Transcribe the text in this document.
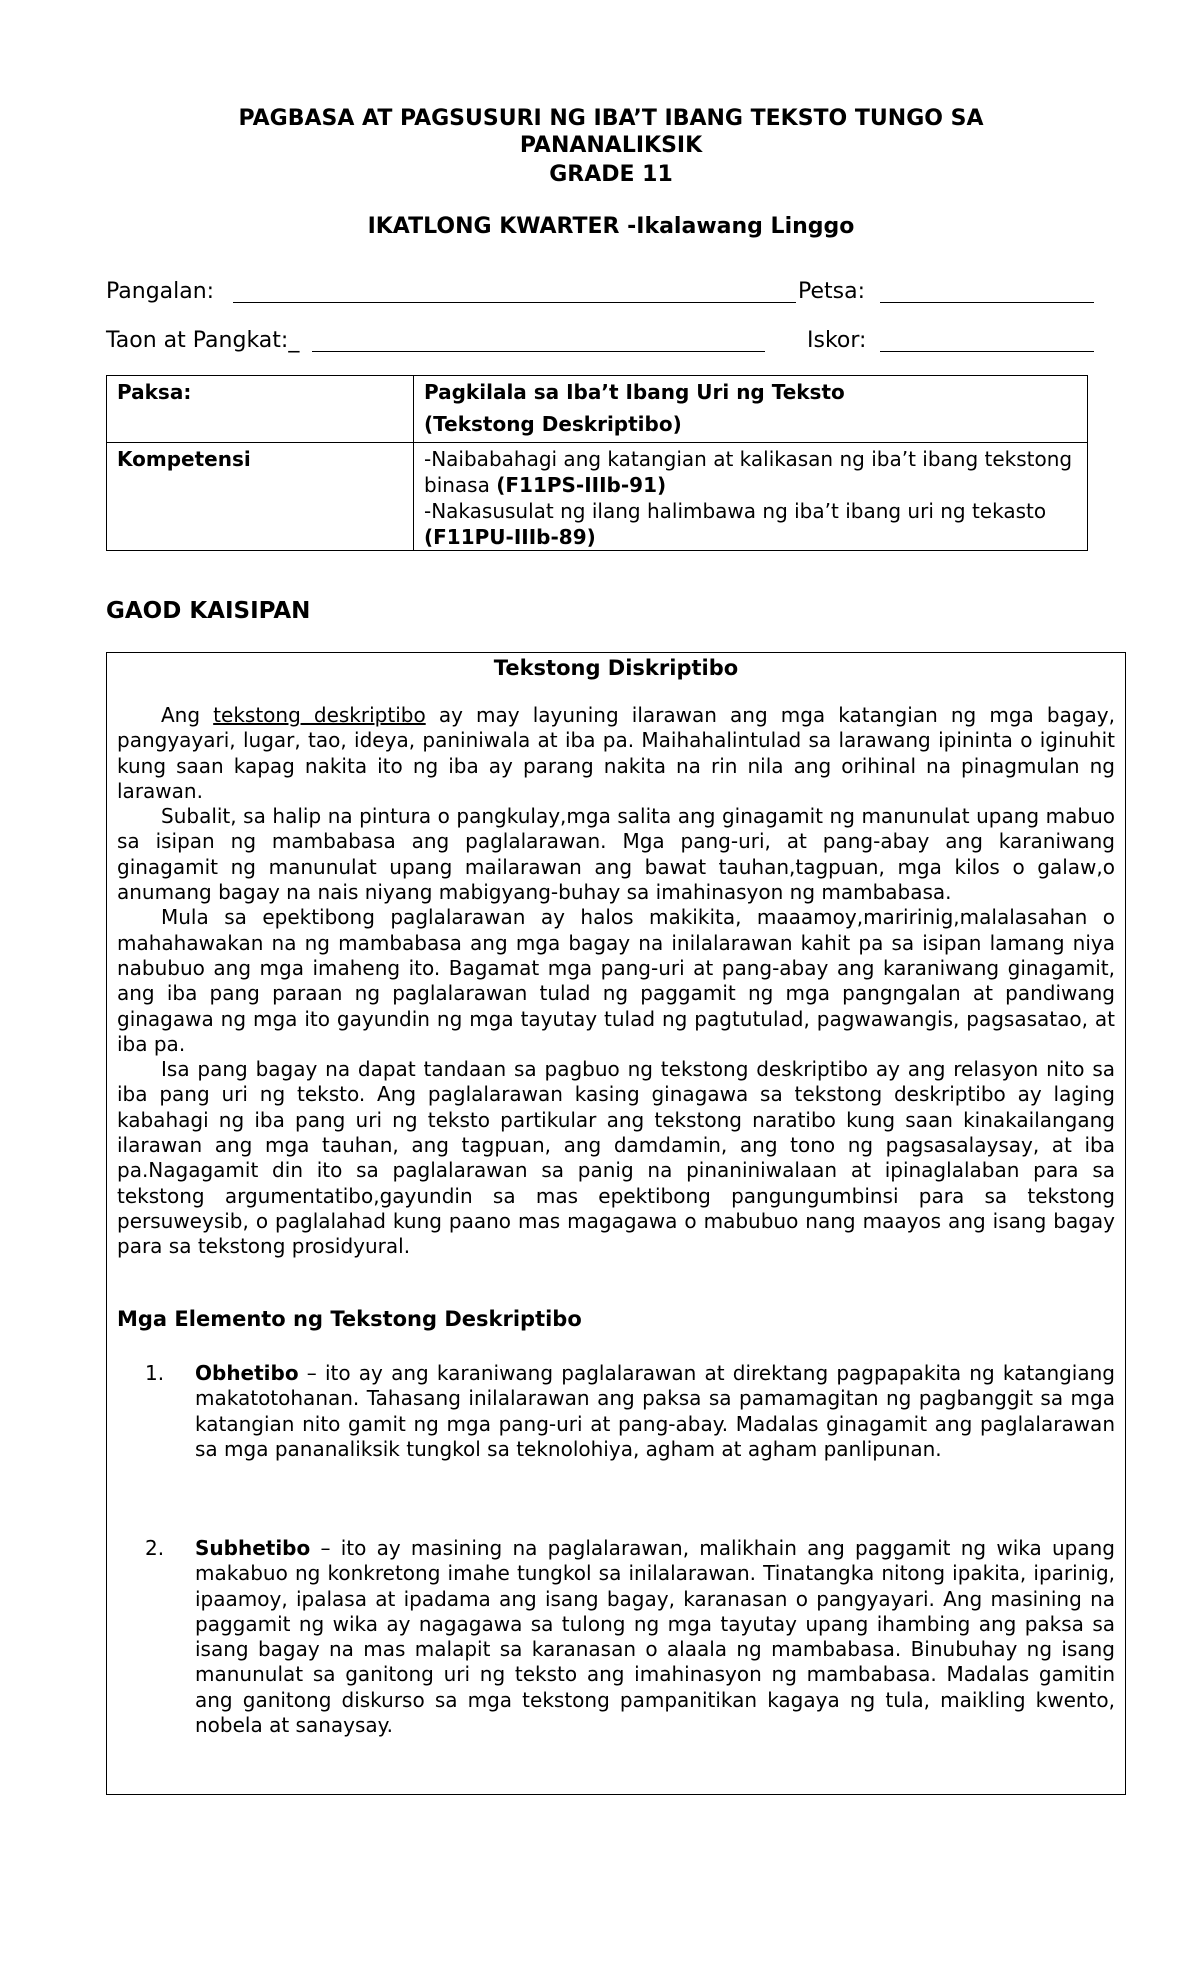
PAGBASA AT PAGSUSURI NG IBA’T IBANG TEKSTO TUNGO SA
PANANALIKSIK
GRADE 11
IKATLONG KWARTER -Ikalawang Linggo
Pangalan:	Petsa:
Taon at Pangkat:_	Iskor:
Paksa:	Pagkilala sa Iba’t Ibang Uri ng Teksto
(Tekstong Deskriptibo)

Kompetensi	-Naibabahagi ang katangian at kalikasan ng iba’t ibang tekstong binasa (F11PS-IIIb-91)
-Nakasusulat ng ilang halimbawa ng iba’t ibang uri ng tekasto (F11PU-IIIb-89)
GAOD KAISIPAN
Tekstong Diskriptibo

Ang tekstong deskriptibo ay may layuning ilarawan ang mga katangian ng mga bagay, pangyayari, lugar, tao, ideya, paniniwala at iba pa. Maihahalintulad sa larawang ipininta o iginuhit kung saan kapag nakita ito ng iba ay parang nakita na rin nila ang orihinal na pinagmulan ng larawan.

Subalit, sa halip na pintura o pangkulay,mga salita ang ginagamit ng manunulat upang mabuo sa isipan ng mambabasa ang paglalarawan. Mga pang-uri, at pang-abay ang karaniwang ginagamit ng manunulat upang mailarawan ang bawat tauhan,tagpuan, mga kilos o galaw,o anumang bagay na nais niyang mabigyang-buhay sa imahinasyon ng mambabasa.

Mula sa epektibong paglalarawan ay halos makikita, maaamoy,maririnig,malalasahan o mahahawakan na ng mambabasa ang mga bagay na inilalarawan kahit pa sa isipan lamang niya nabubuo ang mga imaheng ito. Bagamat mga pang-uri at pang-abay ang karaniwang ginagamit, ang iba pang paraan ng paglalarawan tulad ng paggamit ng mga pangngalan at pandiwang ginagawa ng mga ito gayundin ng mga tayutay tulad ng pagtutulad, pagwawangis, pagsasatao, at iba pa.

Isa pang bagay na dapat tandaan sa pagbuo ng tekstong deskriptibo ay ang relasyon nito sa iba pang uri ng teksto. Ang paglalarawan kasing ginagawa sa tekstong deskriptibo ay laging kabahagi ng iba pang uri ng teksto partikular ang tekstong naratibo kung saan kinakailangang ilarawan ang mga tauhan, ang tagpuan, ang damdamin, ang tono ng pagsasalaysay, at iba pa.Nagagamit din ito sa paglalarawan sa panig na pinaniniwalaan at ipinaglalaban para sa tekstong argumentatibo,gayundin sa mas epektibong pangungumbinsi para sa tekstong persuweysib, o paglalahad kung paano mas magagawa o mabubuo nang maayos ang isang bagay para sa tekstong prosidyural.

Mga Elemento ng Tekstong Deskriptibo
1. Obhetibo – ito ay ang karaniwang paglalarawan at direktang pagpapakita ng katangiang makatotohanan. Tahasang inilalarawan ang paksa sa pamamagitan ng pagbanggit sa mga katangian nito gamit ng mga pang-uri at pang-abay. Madalas ginagamit ang paglalarawan sa mga pananaliksik tungkol sa teknolohiya, agham at agham panlipunan.
2. Subhetibo – ito ay masining na paglalarawan, malikhain ang paggamit ng wika upang makabuo ng konkretong imahe tungkol sa inilalarawan. Tinatangka nitong ipakita, iparinig, ipaamoy, ipalasa at ipadama ang isang bagay, karanasan o pangyayari. Ang masining na paggamit ng wika ay nagagawa sa tulong ng mga tayutay upang ihambing ang paksa sa isang bagay na mas malapit sa karanasan o alaala ng mambabasa. Binubuhay ng isang manunulat sa ganitong uri ng teksto ang imahinasyon ng mambabasa. Madalas gamitin ang ganitong diskurso sa mga tekstong pampanitikan kagaya ng tula, maikling kwento, nobela at sanaysay.
